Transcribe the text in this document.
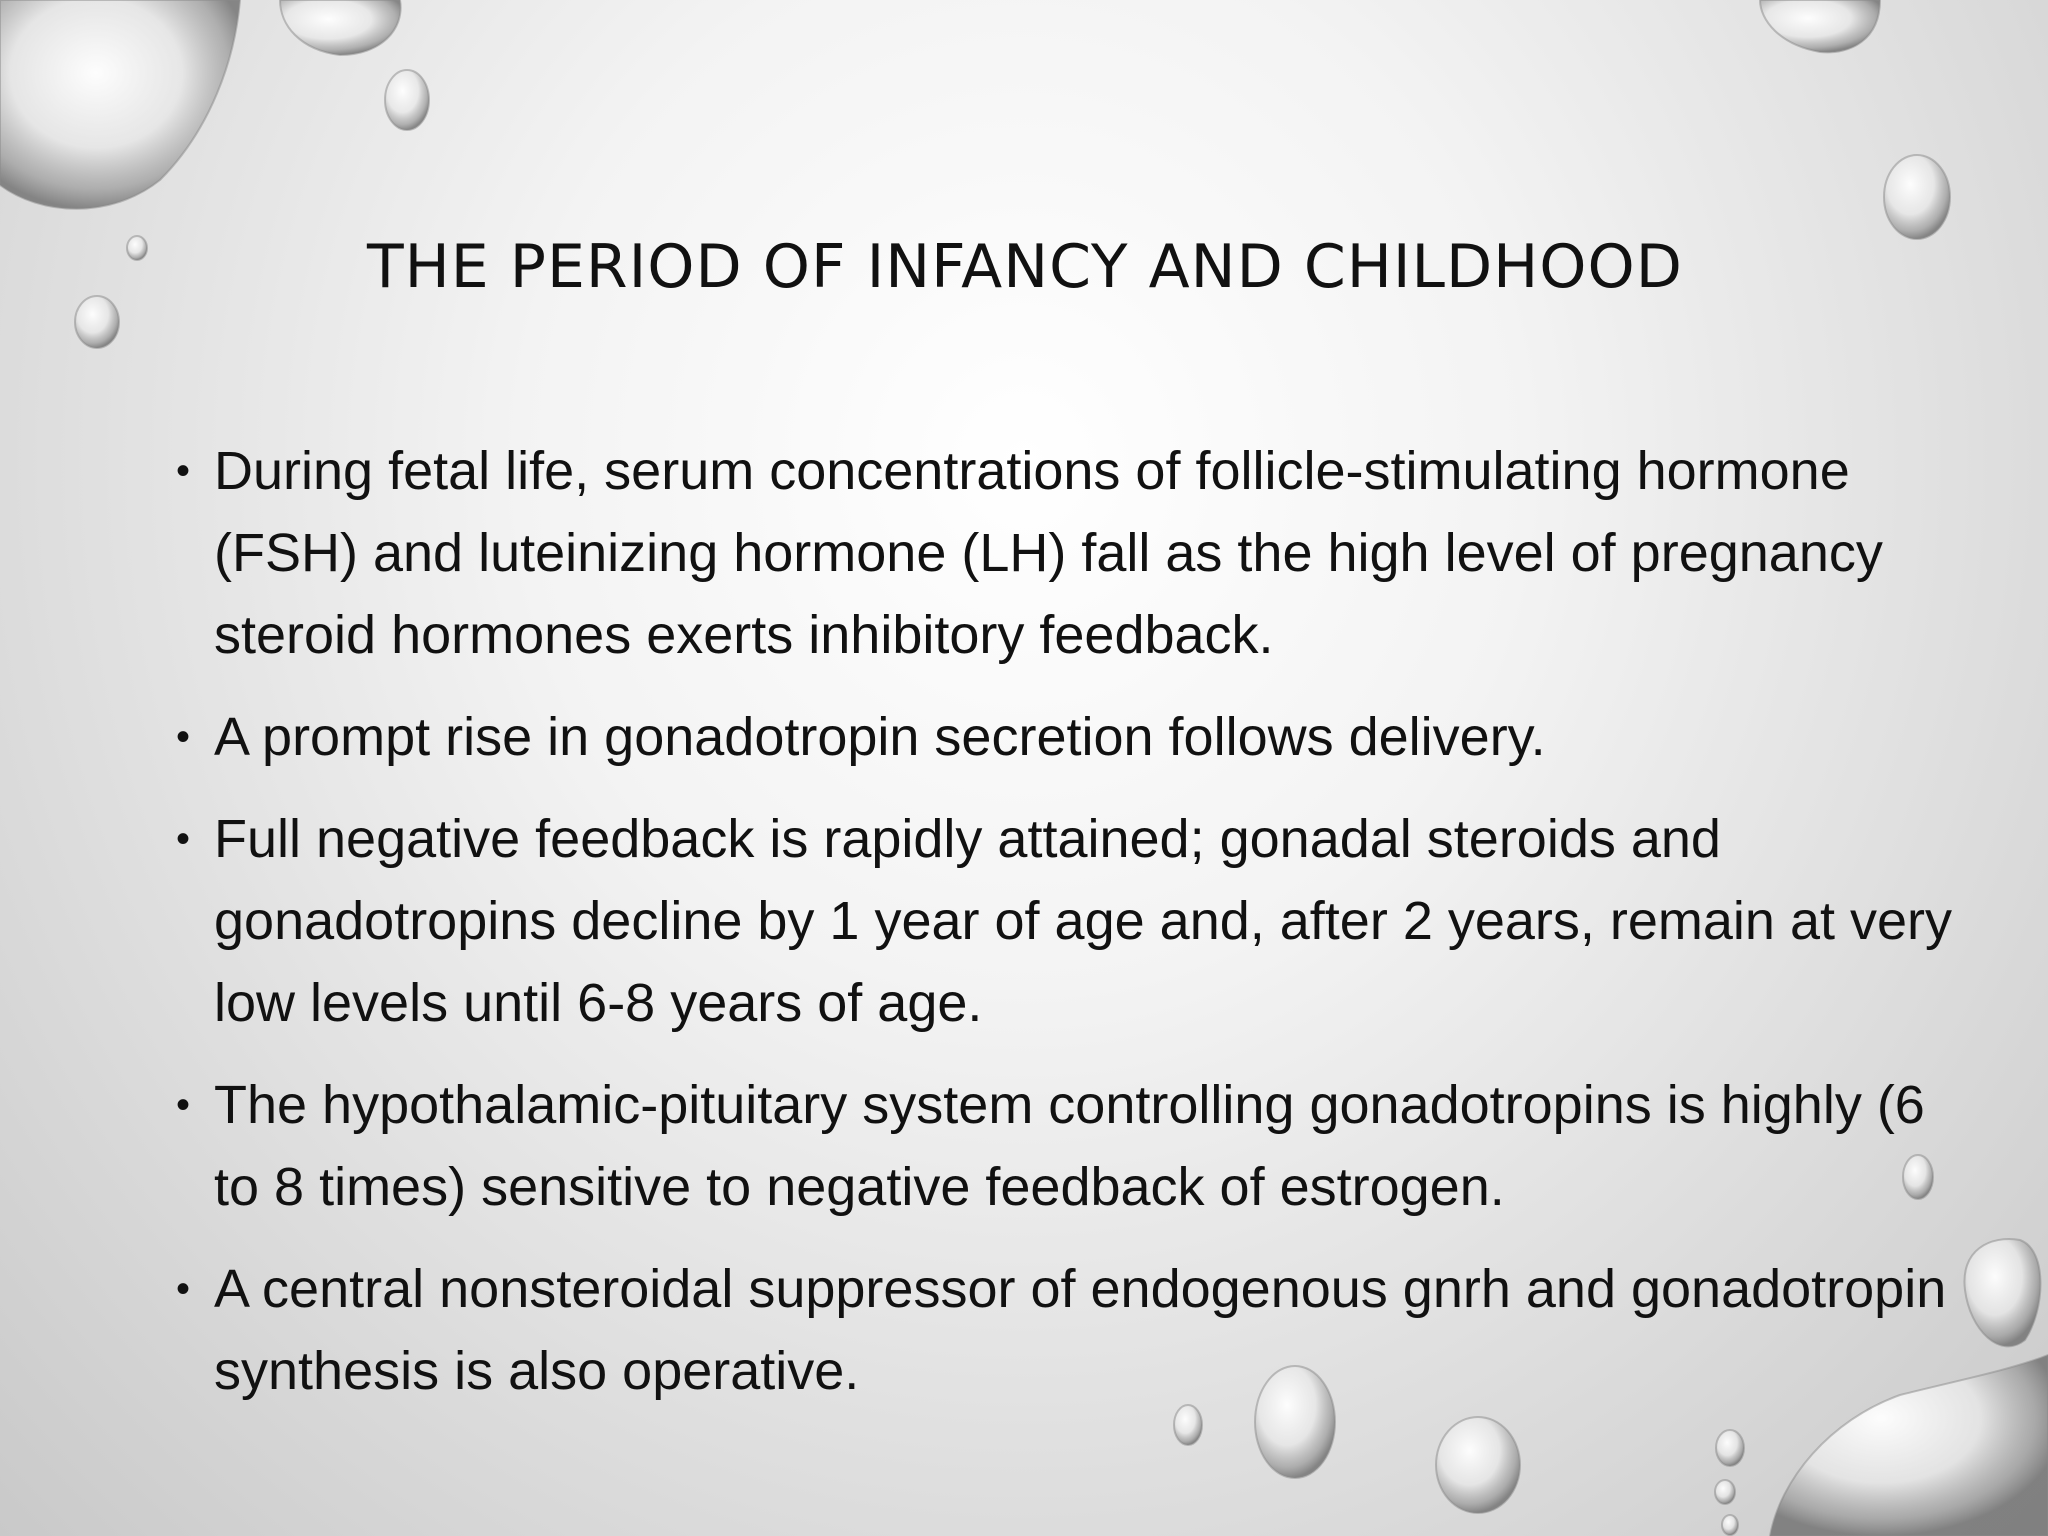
THE PERIOD OF INFANCY AND CHILDHOOD
• During fetal life, serum concentrations of follicle-stimulating hormone (FSH) and luteinizing hormone (LH) fall as the high level of pregnancy steroid hormones exerts inhibitory feedback.
• A prompt rise in gonadotropin secretion follows delivery.
• Full negative feedback is rapidly attained; gonadal steroids and gonadotropins decline by 1 year of age and, after 2 years, remain at very low levels until 6-8 years of age.
• The hypothalamic-pituitary system controlling gonadotropins is highly (6 to 8 times) sensitive to negative feedback of estrogen.
• A central nonsteroidal suppressor of endogenous gnrh and gonadotropin synthesis is also operative.
